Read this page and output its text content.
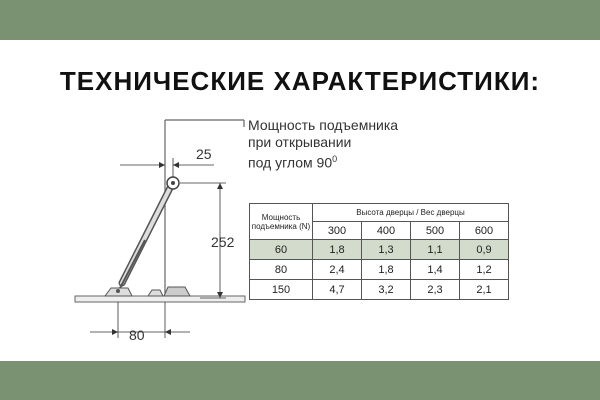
ТЕХНИЧЕСКИЕ ХАРАКТЕРИСТИКИ:
25
252
80
Мощность подъемника
при открывании
под углом $90^0$
Мощность подъемника (N)	Высота дверцы / Вес дверцы			
	300	400	500	600
60	1,8	1,3	1,1	0,9
80	2,4	1,8	1,4	1,2
150	4,7	3,2	2,3	2,1
